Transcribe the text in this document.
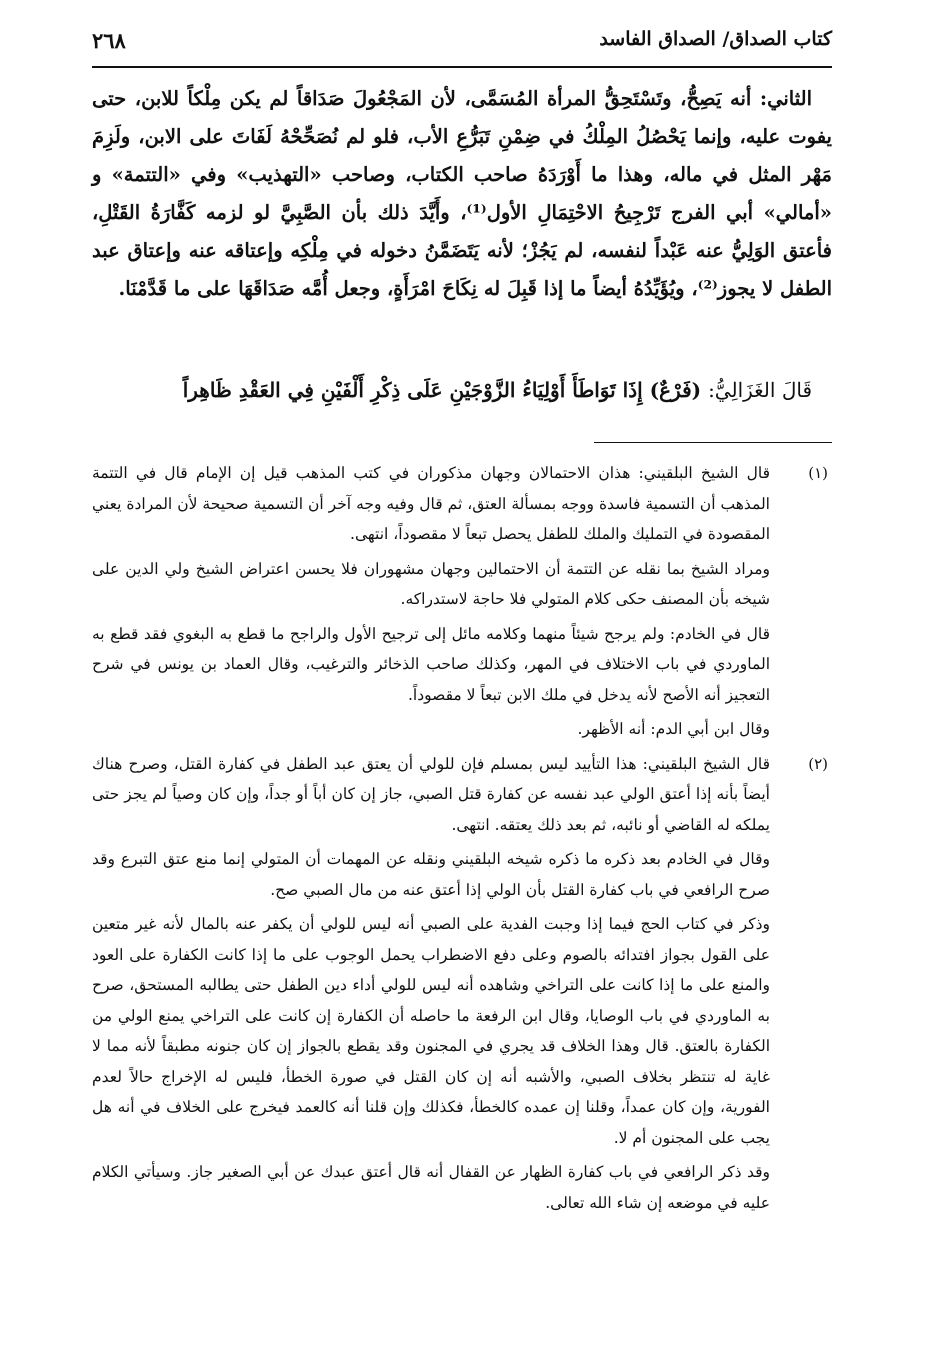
كتاب الصداق/ الصداق الفاسد
٢٦٨

الثاني: أنه يَصِحُّ، وتَسْتَحِقُّ المرأة المُسَمَّى، لأن المَجْعُولَ صَدَاقاً لم يكن مِلْكاً للابن، حتى يفوت عليه، وإنما يَحْصُلُ المِلْكُ في ضِمْنِ تَبَرُّعِ الأب، فلو لم نُصَحِّحْهُ لَفَاتَ على الابن، ولَزِمَ مَهْر المثل في ماله، وهذا ما أَوْرَدَهُ صاحب الكتاب، وصاحب «التهذيب» وفي «التتمة» و «أمالي» أبي الفرج تَرْجِيحُ الاحْتِمَالِ الأول⁽¹⁾، وأَيَّدَ ذلك بأن الصَّبِيَّ لو لزمه كَفَّارَةُ القَتْلِ، فأعتق الوَلِيُّ عنه عَبْداً لنفسه، لم يَجُزْ؛ لأنه يَتَضَمَّنُ دخوله في مِلْكِه وإعتاقه عنه وإعتاق عبد الطفل لا يجوز⁽²⁾، ويُؤَيِّدُهُ أيضاً ما إذا قَبِلَ له نِكَاحَ امْرَأَةٍ، وجعل أُمَّه صَدَاقَهَا على ما قَدَّمْنَا.

قَالَ الغَزَالِيُّ: (فَرْعٌ) إِذَا تَوَاطَأَ أَوْلِيَاءُ الزَّوْجَيْنِ عَلَى ذِكْرِ أَلْفَيْنِ فِي العَقْدِ ظَاهِراً
(١)

قال الشيخ البلقيني: هذان الاحتمالان وجهان مذكوران في كتب المذهب قيل إن الإمام قال في التتمة المذهب أن التسمية فاسدة ووجه بمسألة العتق، ثم قال وفيه وجه آخر أن التسمية صحيحة لأن المرادة يعني المقصودة في التمليك والملك للطفل يحصل تبعاً لا مقصوداً، انتهى.

ومراد الشيخ بما نقله عن التتمة أن الاحتمالين وجهان مشهوران فلا يحسن اعتراض الشيخ ولي الدين على شيخه بأن المصنف حكى كلام المتولي فلا حاجة لاستدراكه.

قال في الخادم: ولم يرجح شيئاً منهما وكلامه مائل إلى ترجيح الأول والراجح ما قطع به البغوي فقد قطع به الماوردي في باب الاختلاف في المهر، وكذلك صاحب الذخائر والترغيب، وقال العماد بن يونس في شرح التعجيز أنه الأصح لأنه يدخل في ملك الابن تبعاً لا مقصوداً.

وقال ابن أبي الدم: أنه الأظهر.

(٢)

قال الشيخ البلقيني: هذا التأييد ليس بمسلم فإن للولي أن يعتق عبد الطفل في كفارة القتل، وصرح هناك أيضاً بأنه إذا أعتق الولي عبد نفسه عن كفارة قتل الصبي، جاز إن كان أباً أو جداً، وإن كان وصياً لم يجز حتى يملكه له القاضي أو نائبه، ثم بعد ذلك يعتقه. انتهى.

وقال في الخادم بعد ذكره ما ذكره شيخه البلقيني ونقله عن المهمات أن المتولي إنما منع عتق التبرع وقد صرح الرافعي في باب كفارة القتل بأن الولي إذا أعتق عنه من مال الصبي صح.

وذكر في كتاب الحج فيما إذا وجبت الفدية على الصبي أنه ليس للولي أن يكفر عنه بالمال لأنه غير متعين على القول بجواز افتدائه بالصوم وعلى دفع الاضطراب يحمل الوجوب على ما إذا كانت الكفارة على العود والمنع على ما إذا كانت على التراخي وشاهده أنه ليس للولي أداء دين الطفل حتى يطالبه المستحق، صرح به الماوردي في باب الوصايا، وقال ابن الرفعة ما حاصله أن الكفارة إن كانت على التراخي يمنع الولي من الكفارة بالعتق. قال وهذا الخلاف قد يجري في المجنون وقد يقطع بالجواز إن كان جنونه مطبقاً لأنه مما لا غاية له تنتظر بخلاف الصبي، والأشبه أنه إن كان القتل في صورة الخطأ، فليس له الإخراج حالاً لعدم الفورية، وإن كان عمداً، وقلنا إن عمده كالخطأ، فكذلك وإن قلنا أنه كالعمد فيخرج على الخلاف في أنه هل يجب على المجنون أم لا.

وقد ذكر الرافعي في باب كفارة الظهار عن القفال أنه قال أعتق عبدك عن أبي الصغير جاز. وسيأتي الكلام عليه في موضعه إن شاء الله تعالى.
